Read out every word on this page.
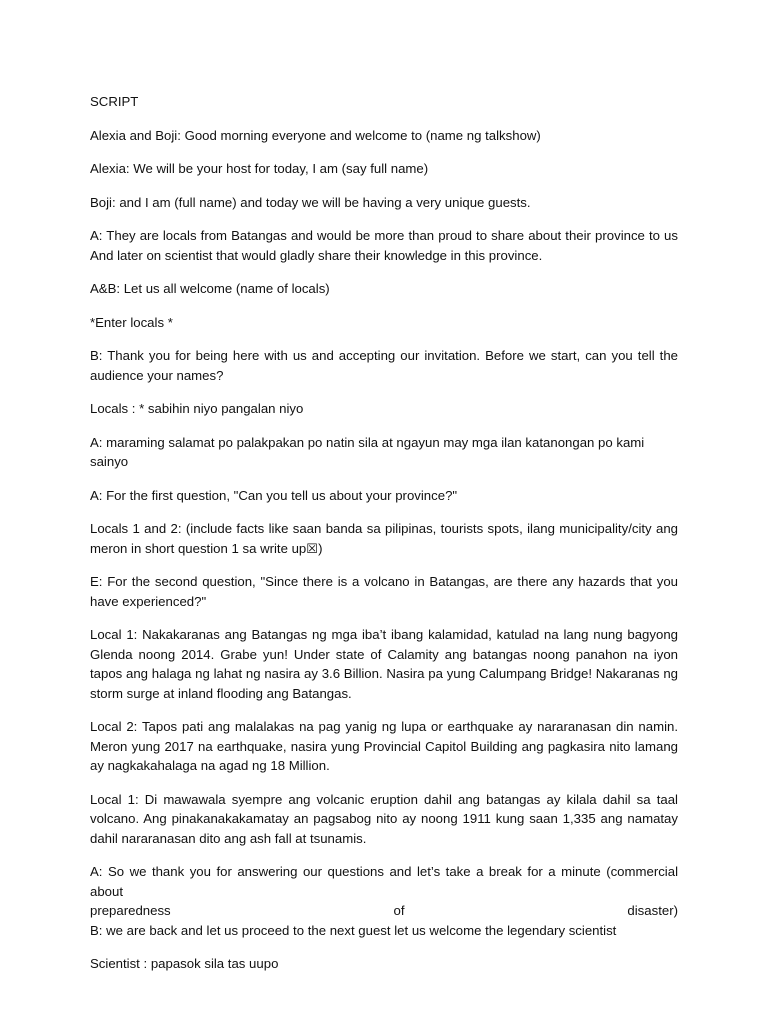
SCRIPT

Alexia and Boji: Good morning everyone and welcome to (name ng talkshow)

Alexia: We will be your host for today, I am (say full name)

Boji: and I am (full name) and today we will be having a very unique guests.

A: They are locals from Batangas and would be more than proud to share about their province to us And later on scientist that would gladly share their knowledge in this province.

A&B: Let us all welcome (name of locals)

*Enter locals *

B: Thank you for being here with us and accepting our invitation. Before we start, can you tell the audience your names?

Locals : * sabihin niyo pangalan niyo

A: maraming salamat po palakpakan po natin sila at ngayun may mga ilan katanongan po kami sainyo

A: For the first question, "Can you tell us about your province?"

Locals 1 and 2: (include facts like saan banda sa pilipinas, tourists spots, ilang municipality/city ang meron in short question 1 sa write up☒)

E: For the second question, "Since there is a volcano in Batangas, are there any hazards that you have experienced?"

Local 1: Nakakaranas ang Batangas ng mga iba’t ibang kalamidad, katulad na lang nung bagyong Glenda noong 2014. Grabe yun! Under state of Calamity ang batangas noong panahon na iyon tapos ang halaga ng lahat ng nasira ay 3.6 Billion. Nasira pa yung Calumpang Bridge! Nakaranas ng storm surge at inland flooding ang Batangas.

Local 2: Tapos pati ang malalakas na pag yanig ng lupa or earthquake ay nararanasan din namin. Meron yung 2017 na earthquake, nasira yung Provincial Capitol Building ang pagkasira nito lamang ay nagkakahalaga na agad ng 18 Million.

Local 1: Di mawawala syempre ang volcanic eruption dahil ang batangas ay kilala dahil sa taal volcano. Ang pinakanakakamatay an pagsabog nito ay noong 1911 kung saan 1,335 ang namatay dahil nararanasan dito ang ash fall at tsunamis.

A: So we thank you for answering our questions and let’s take a break for a minute (commercial about

preparedness	of	disaster)

B: we are back and let us proceed to the next guest let us welcome the legendary scientist

Scientist : papasok sila tas uupo
